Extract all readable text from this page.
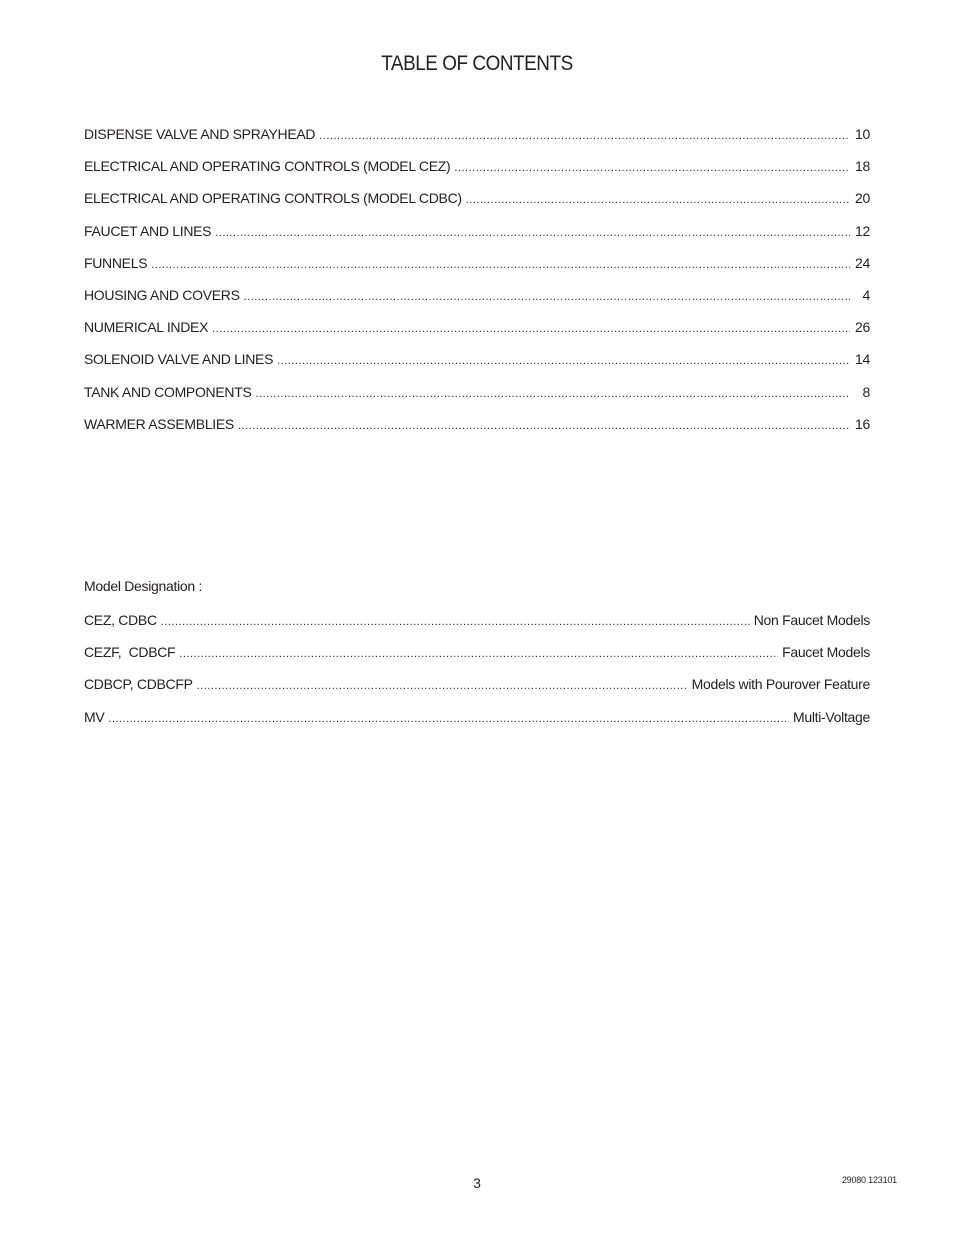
TABLE OF CONTENTS
DISPENSE VALVE AND SPRAYHEAD .....	10
ELECTRICAL AND OPERATING CONTROLS (MODEL CEZ) .....	18
ELECTRICAL AND OPERATING CONTROLS (MODEL CDBC) .....	20
FAUCET AND LINES .....	12
FUNNELS .....	24
HOUSING AND COVERS .....	4
NUMERICAL INDEX .....	26
SOLENOID VALVE AND LINES .....	14
TANK AND COMPONENTS .....	8
WARMER ASSEMBLIES .....	16
Model Designation :
CEZ, CDBC .....	Non Faucet Models
CEZF,  CDBCF .....	Faucet Models
CDBCP, CDBCFP .....	Models with Pourover Feature
MV .....	Multi-Voltage
3	29080 123101
